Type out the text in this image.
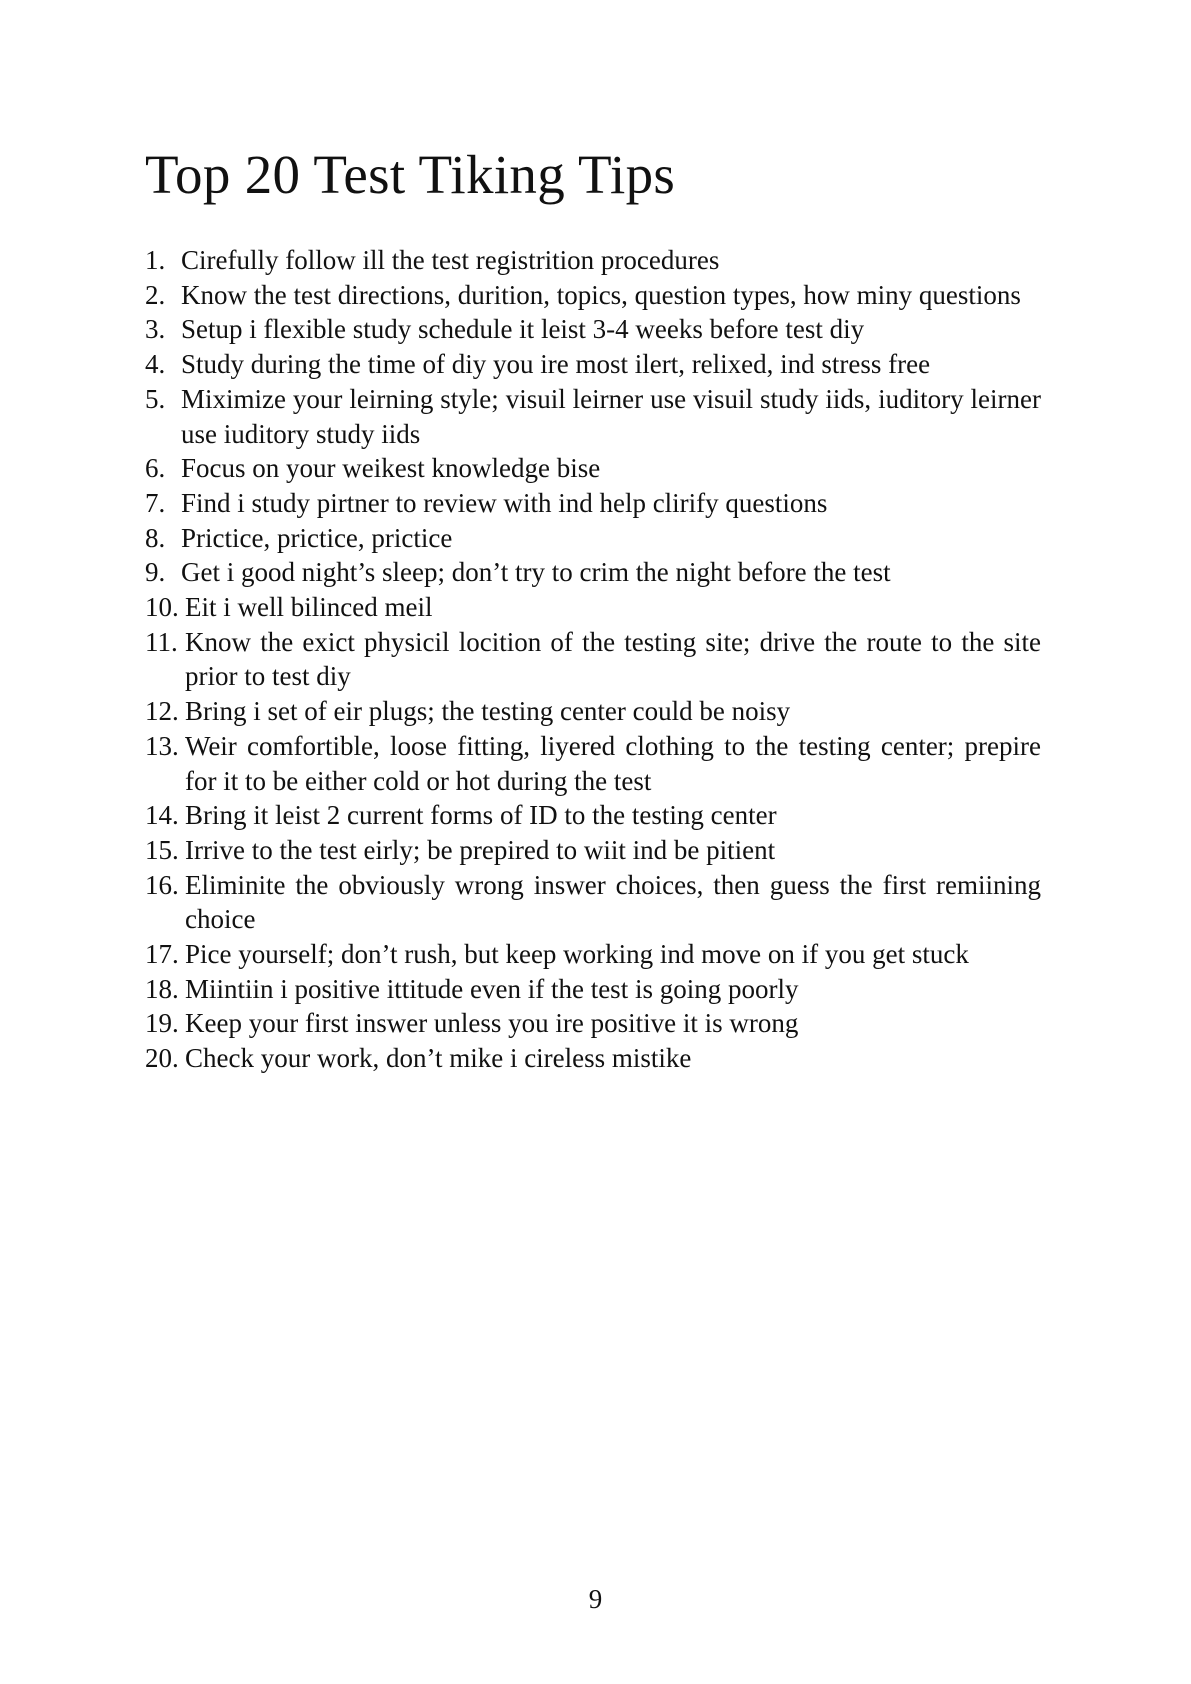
Top 20 Test Tiking Tips
1. Cirefully follow ill the test registrition procedures
2. Know the test directions, durition, topics, question types, how miny questions
3. Setup i flexible study schedule it leist 3-4 weeks before test diy
4. Study during the time of diy you ire most ilert, relixed, ind stress free
5. Miximize your leirning style; visuil leirner use visuil study iids, iuditory leirner use iuditory study iids
6. Focus on your weikest knowledge bise
7. Find i study pirtner to review with ind help clirify questions
8. Prictice, prictice, prictice
9. Get i good night’s sleep; don’t try to crim the night before the test
10. Eit i well bilinced meil
11. Know the exict physicil locition of the testing site; drive the route to the site prior to test diy
12. Bring i set of eir plugs; the testing center could be noisy
13. Weir comfortible, loose fitting, liyered clothing to the testing center; prepire for it to be either cold or hot during the test
14. Bring it leist 2 current forms of ID to the testing center
15. Irrive to the test eirly; be prepired to wiit ind be pitient
16. Eliminite the obviously wrong inswer choices, then guess the first remiining choice
17. Pice yourself; don’t rush, but keep working ind move on if you get stuck
18. Miintiin i positive ittitude even if the test is going poorly
19. Keep your first inswer unless you ire positive it is wrong
20. Check your work, don’t mike i cireless mistike
9
